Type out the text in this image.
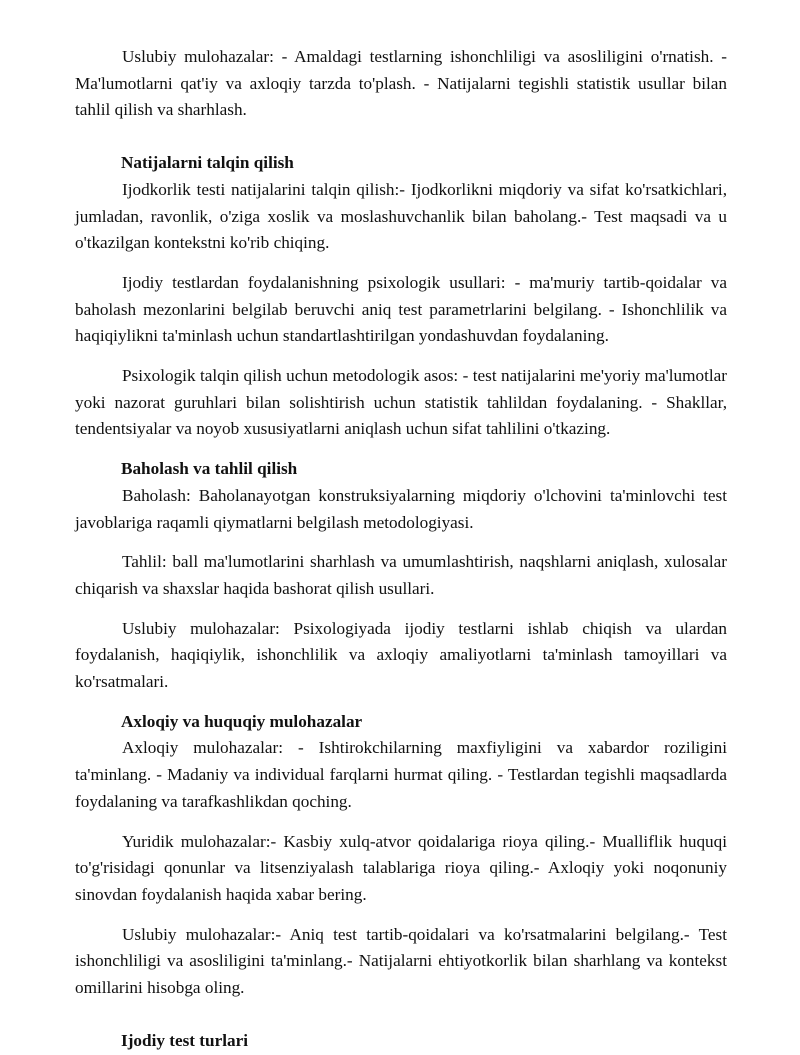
Uslubiy mulohazalar: - Amaldagi testlarning ishonchliligi va asosliligini o'rnatish. - Ma'lumotlarni qat'iy va axloqiy tarzda to'plash. - Natijalarni tegishli statistik usullar bilan tahlil qilish va sharhlash.

Natijalarni talqin qilish

Ijodkorlik testi natijalarini talqin qilish:- Ijodkorlikni miqdoriy va sifat ko'rsatkichlari, jumladan, ravonlik, o'ziga xoslik va moslashuvchanlik bilan baholang.- Test maqsadi va u o'tkazilgan kontekstni ko'rib chiqing.

Ijodiy testlardan foydalanishning psixologik usullari: - ma'muriy tartib-qoidalar va baholash mezonlarini belgilab beruvchi aniq test parametrlarini belgilang. - Ishonchlilik va haqiqiylikni ta'minlash uchun standartlashtirilgan yondashuvdan foydalaning.

Psixologik talqin qilish uchun metodologik asos: - test natijalarini me'yoriy ma'lumotlar yoki nazorat guruhlari bilan solishtirish uchun statistik tahlildan foydalaning. - Shakllar, tendentsiyalar va noyob xususiyatlarni aniqlash uchun sifat tahlilini o'tkazing.

Baholash va tahlil qilish

Baholash: Baholanayotgan konstruksiyalarning miqdoriy o'lchovini ta'minlovchi test javoblariga raqamli qiymatlarni belgilash metodologiyasi.

Tahlil: ball ma'lumotlarini sharhlash va umumlashtirish, naqshlarni aniqlash, xulosalar chiqarish va shaxslar haqida bashorat qilish usullari.

Uslubiy mulohazalar: Psixologiyada ijodiy testlarni ishlab chiqish va ulardan foydalanish, haqiqiylik, ishonchlilik va axloqiy amaliyotlarni ta'minlash tamoyillari va ko'rsatmalari.

Axloqiy va huquqiy mulohazalar

Axloqiy mulohazalar: - Ishtirokchilarning maxfiyligini va xabardor roziligini ta'minlang. - Madaniy va individual farqlarni hurmat qiling. - Testlardan tegishli maqsadlarda foydalaning va tarafkashlikdan qoching.

Yuridik mulohazalar:- Kasbiy xulq-atvor qoidalariga rioya qiling.- Mualliflik huquqi to'g'risidagi qonunlar va litsenziyalash talablariga rioya qiling.- Axloqiy yoki noqonuniy sinovdan foydalanish haqida xabar bering.

Uslubiy mulohazalar:- Aniq test tartib-qoidalari va ko'rsatmalarini belgilang.- Test ishonchliligi va asosliligini ta'minlang.- Natijalarni ehtiyotkorlik bilan sharhlang va kontekst omillarini hisobga oling.

Ijodiy test turlari
